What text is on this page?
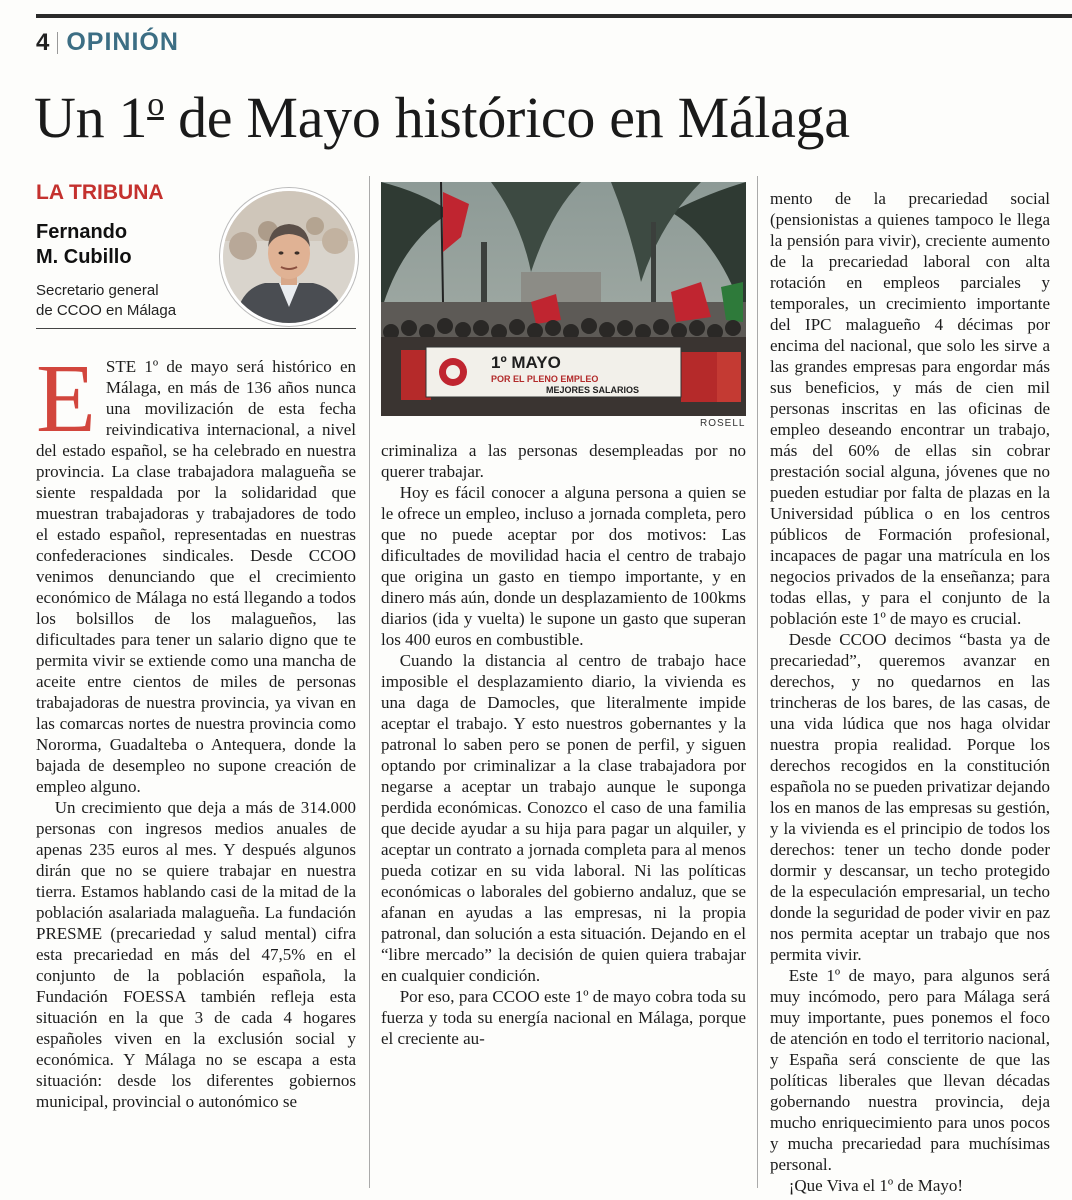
4 OPINIÓN
Un 1$^o$ de Mayo histórico en Málaga
LA TRIBUNA
Fernando
M. Cubillo
Secretario general
de CCOO en Málaga
E STE 1º de mayo será histórico en Málaga, en más de 136 años nunca una movilización de esta fecha reivindicativa internacional, a nivel del estado español, se ha celebrado en nuestra provincia. La clase trabajadora malagueña se siente respaldada por la solidaridad que muestran trabajadoras y trabajadores de todo el estado español, representadas en nuestras confederaciones sindicales. Desde CCOO venimos denunciando que el crecimiento económico de Málaga no está llegando a todos los bolsillos de los malagueños, las dificultades para tener un salario digno que te permita vivir se extiende como una mancha de aceite entre cientos de miles de personas trabajadoras de nuestra provincia, ya vivan en las comarcas nortes de nuestra provincia como Nororma, Guadalteba o Antequera, donde la bajada de desempleo no supone creación de empleo alguno.

Un crecimiento que deja a más de 314.000 personas con ingresos medios anuales de apenas 235 euros al mes. Y después algunos dirán que no se quiere trabajar en nuestra tierra. Estamos hablando casi de la mitad de la población asalariada malagueña. La fundación PRESME (precariedad y salud mental) cifra esta precariedad en más del 47,5% en el conjunto de la población española, la Fundación FOESSA también refleja esta situación en la que 3 de cada 4 hogares españoles viven en la exclusión social y económica. Y Málaga no se escapa a esta situación: desde los diferentes gobiernos municipal, provincial o autonómico se

1º MAYO
POR EL PLENO EMPLEO
MEJORES SALARIOS
ROSELL

criminaliza a las personas desempleadas por no querer trabajar.

Hoy es fácil conocer a alguna persona a quien se le ofrece un empleo, incluso a jornada completa, pero que no puede aceptar por dos motivos: Las dificultades de movilidad hacia el centro de trabajo que origina un gasto en tiempo importante, y en dinero más aún, donde un desplazamiento de 100kms diarios (ida y vuelta) le supone un gasto que superan los 400 euros en combustible.

Cuando la distancia al centro de trabajo hace imposible el desplazamiento diario, la vivienda es una daga de Damocles, que literalmente impide aceptar el trabajo. Y esto nuestros gobernantes y la patronal lo saben pero se ponen de perfil, y siguen optando por criminalizar a la clase trabajadora por negarse a aceptar un trabajo aunque le suponga perdida económicas. Conozco el caso de una familia que decide ayudar a su hija para pagar un alquiler, y aceptar un contrato a jornada completa para al menos pueda cotizar en su vida laboral. Ni las políticas económicas o laborales del gobierno andaluz, que se afanan en ayudas a las empresas, ni la propia patronal, dan solución a esta situación. Dejando en el “libre mercado” la decisión de quien quiera trabajar en cualquier condición.

Por eso, para CCOO este 1º de mayo cobra toda su fuerza y toda su energía nacional en Málaga, porque el creciente au-

mento de la precariedad social (pensionistas a quienes tampoco le llega la pensión para vivir), creciente aumento de la precariedad laboral con alta rotación en empleos parciales y temporales, un crecimiento importante del IPC malagueño 4 décimas por encima del nacional, que solo les sirve a las grandes empresas para engordar más sus beneficios, y más de cien mil personas inscritas en las oficinas de empleo deseando encontrar un trabajo, más del 60% de ellas sin cobrar prestación social alguna, jóvenes que no pueden estudiar por falta de plazas en la Universidad pública o en los centros públicos de Formación profesional, incapaces de pagar una matrícula en los negocios privados de la enseñanza; para todas ellas, y para el conjunto de la población este 1º de mayo es crucial.

Desde CCOO decimos “basta ya de precariedad”, queremos avanzar en derechos, y no quedarnos en las trincheras de los bares, de las casas, de una vida lúdica que nos haga olvidar nuestra propia realidad. Porque los derechos recogidos en la constitución española no se pueden privatizar dejando los en manos de las empresas su gestión, y la vivienda es el principio de todos los derechos: tener un techo donde poder dormir y descansar, un techo protegido de la especulación empresarial, un techo donde la seguridad de poder vivir en paz nos permita aceptar un trabajo que nos permita vivir.

Este 1º de mayo, para algunos será muy incómodo, pero para Málaga será muy importante, pues ponemos el foco de atención en todo el territorio nacional, y España será consciente de que las políticas liberales que llevan décadas gobernando nuestra provincia, deja mucho enriquecimiento para unos pocos y mucha precariedad para muchísimas personal.

¡Que Viva el 1º de Mayo!
